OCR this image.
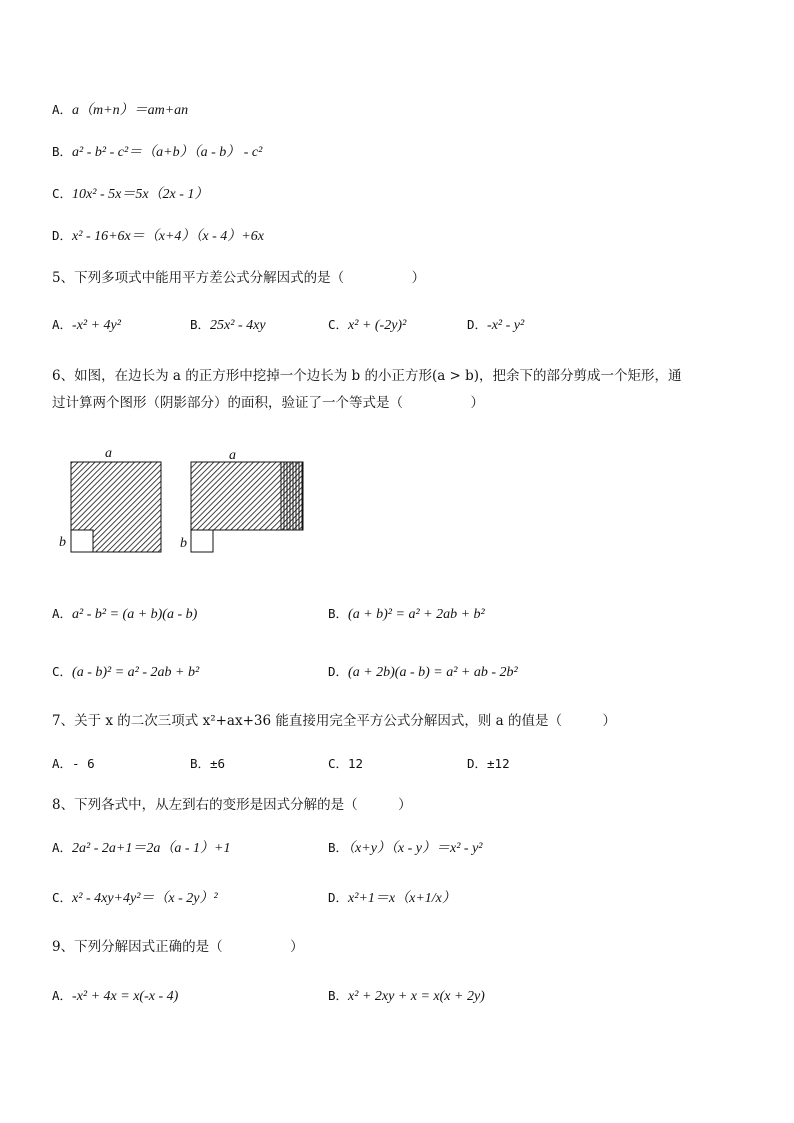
A．a（m+n）＝am+an
B．a² - b² - c²＝（a+b）（a - b） - c²
C．10x² - 5x＝5x（2x - 1）
D．x² - 16+6x＝（x+4）（x - 4）+6x
5、下列多项式中能用平方差公式分解因式的是（　　　　　）
A．-x² + 4y²	B．25x² - 4xy	C．x² + (-2y)²	D．-x² - y²
6、如图，在边长为 a 的正方形中挖掉一个边长为 b 的小正方形(a > b)，把余下的部分剪成一个矩形，通
过计算两个图形（阴影部分）的面积，验证了一个等式是（　　　　　）
a
b
a
b
A．a² - b² = (a + b)(a - b)	B．(a + b)² = a² + 2ab + b²
C．(a - b)² = a² - 2ab + b²	D．(a + 2b)(a - b) = a² + ab - 2b²
7、关于 x 的二次三项式 x²+ax+36 能直接用完全平方公式分解因式，则 a 的值是（　　　）
A．- 6	B．±6	C．12	D．±12
8、下列各式中，从左到右的变形是因式分解的是（　　　）
A．2a² - 2a+1＝2a（a - 1）+1	B．（x+y）（x - y）＝x² - y²
C．x² - 4xy+4y²＝（x - 2y）²	D．x²+1＝x（x+1/x）
9、下列分解因式正确的是（　　　　　）
A．-x² + 4x = x(-x - 4)	B．x² + 2xy + x = x(x + 2y)
